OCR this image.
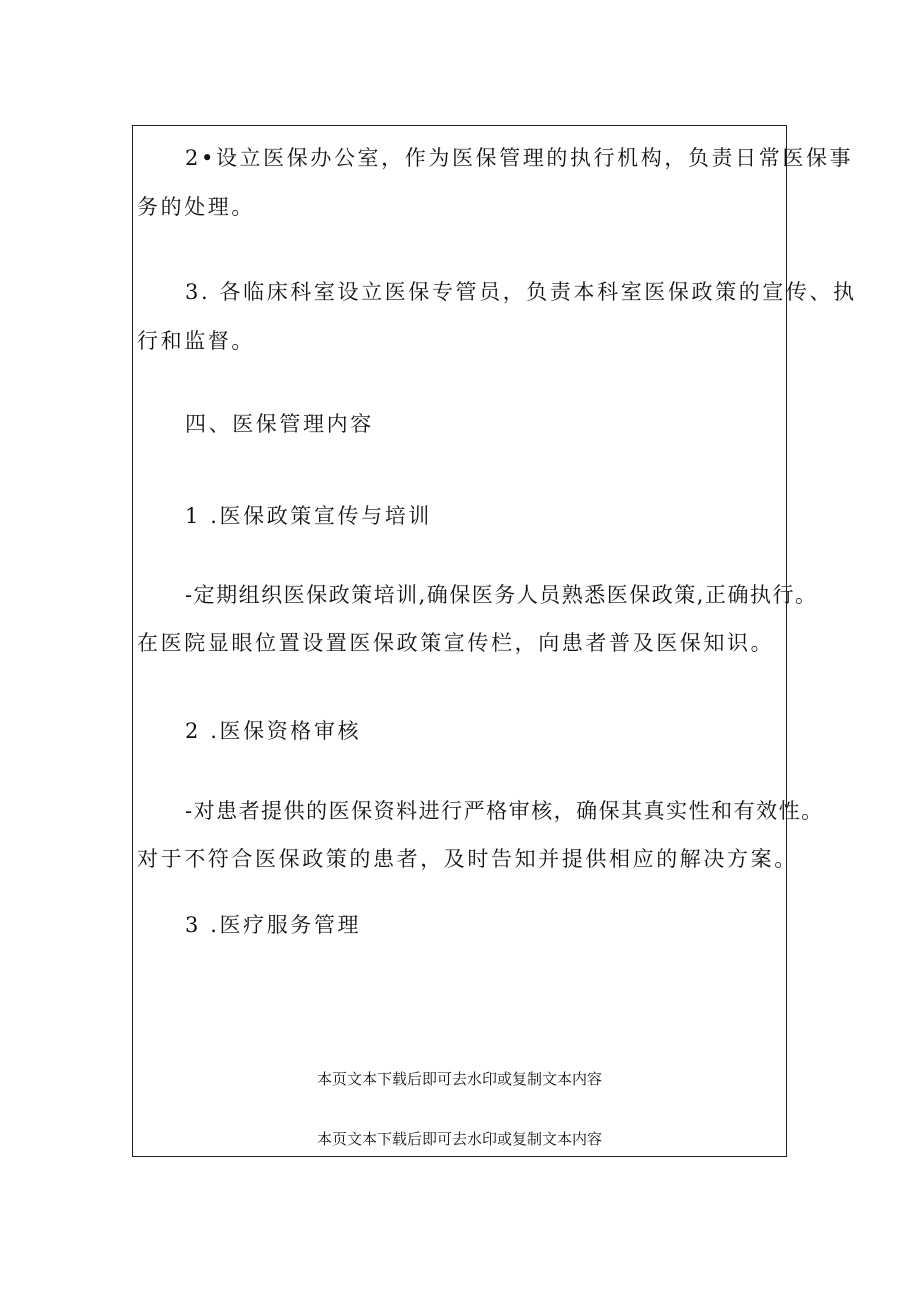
2•设立医保办公室，作为医保管理的执行机构，负责日常医保事
务的处理。
3. 各临床科室设立医保专管员，负责本科室医保政策的宣传、执
行和监督。
四、医保管理内容
1 .医保政策宣传与培训
-定期组织医保政策培训,确保医务人员熟悉医保政策,正确执行。
在医院显眼位置设置医保政策宣传栏，向患者普及医保知识。
2 .医保资格审核
-对患者提供的医保资料进行严格审核，确保其真实性和有效性。
对于不符合医保政策的患者，及时告知并提供相应的解决方案。
3 .医疗服务管理
本页文本下载后即可去水印或复制文本内容
本页文本下载后即可去水印或复制文本内容
